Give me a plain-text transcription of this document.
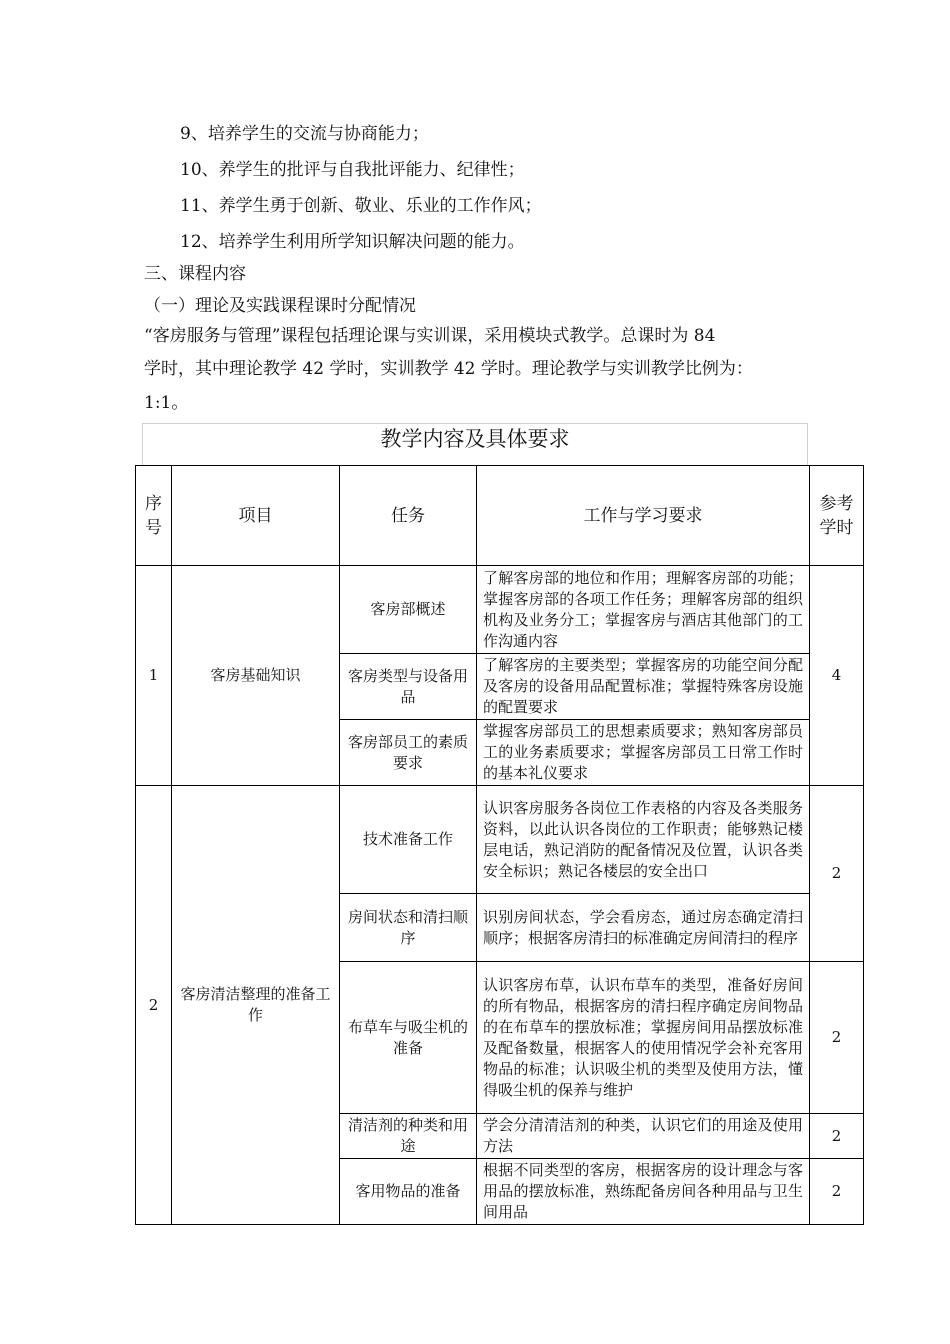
9、培养学生的交流与协商能力；
10、养学生的批评与自我批评能力、纪律性；
11、养学生勇于创新、敬业、乐业的工作作风；
12、培养学生利用所学知识解决问题的能力。
三、课程内容
（一）理论及实践课程课时分配情况
“客房服务与管理”课程包括理论课与实训课，采用模块式教学。总课时为 84
学时，其中理论教学 42 学时，实训教学 42 学时。理论教学与实训教学比例为：
1:1。
教学内容及具体要求
序号	项目	任务	工作与学习要求	参考学时
1	客房基础知识	客房部概述	了解客房部的地位和作用；理解客房部的功能；掌握客房部的各项工作任务；理解客房部的组织机构及业务分工；掌握客房与酒店其他部门的工作沟通内容	4
		客房类型与设备用品	了解客房的主要类型；掌握客房的功能空间分配及客房的设备用品配置标准；掌握特殊客房设施的配置要求	
		客房部员工的素质要求	掌握客房部员工的思想素质要求；熟知客房部员工的业务素质要求；掌握客房部员工日常工作时的基本礼仪要求	
2	客房清洁整理的准备工作	技术准备工作	认识客房服务各岗位工作表格的内容及各类服务资料，以此认识各岗位的工作职责；能够熟记楼层电话，熟记消防的配备情况及位置，认识各类安全标识；熟记各楼层的安全出口	2
		房间状态和清扫顺序	识别房间状态，学会看房态，通过房态确定清扫顺序；根据客房清扫的标准确定房间清扫的程序	
		布草车与吸尘机的准备	认识客房布草，认识布草车的类型，准备好房间的所有物品，根据客房的清扫程序确定房间物品的在布草车的摆放标准；掌握房间用品摆放标准及配备数量，根据客人的使用情况学会补充客用物品的标准；认识吸尘机的类型及使用方法，懂得吸尘机的保养与维护	2
		清洁剂的种类和用途	学会分清清洁剂的种类，认识它们的用途及使用方法	2
		客用物品的准备	根据不同类型的客房，根据客房的设计理念与客用品的摆放标准，熟练配备房间各种用品与卫生间用品	2
